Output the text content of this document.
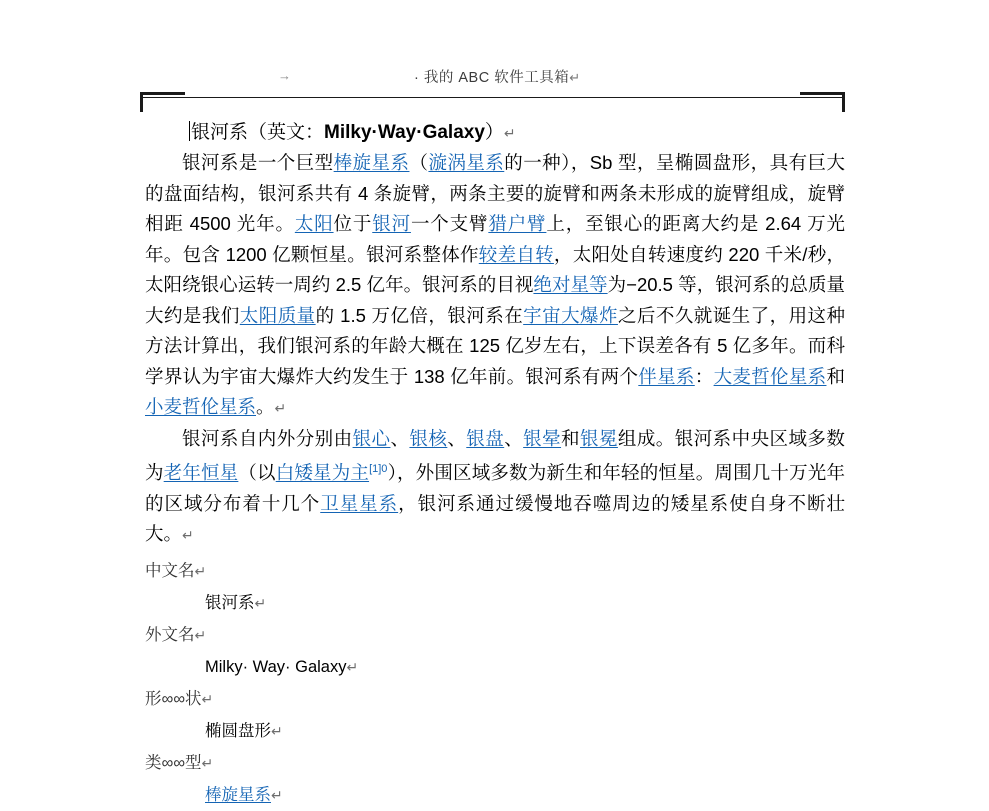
→	· 我的 ABC 软件工具箱↵
银河系（英文：Milky·Way·Galaxy）↵

银河系是一个巨型棒旋星系（漩涡星系的一种），Sb 型，呈椭圆盘形，具有巨大的盘面结构，银河系共有 4 条旋臂，两条主要的旋臂和两条未形成的旋臂组成，旋臂相距 4500 光年。太阳位于银河一个支臂猎户臂上，至银心的距离大约是 2.64 万光年。包含 1200 亿颗恒星。银河系整体作较差自转，太阳处自转速度约 220 千米/秒，太阳绕银心运转一周约 2.5 亿年。银河系的目视绝对星等为−20.5 等，银河系的总质量大约是我们太阳质量的 1.5 万亿倍，银河系在宇宙大爆炸之后不久就诞生了，用这种方法计算出，我们银河系的年龄大概在 125 亿岁左右，上下误差各有 5 亿多年。而科学界认为宇宙大爆炸大约发生于 138 亿年前。银河系有两个伴星系：大麦哲伦星系和小麦哲伦星系。↵

银河系自内外分别由银心、银核、银盘、银晕和银冕组成。银河系中央区域多数为老年恒星（以白矮星为主$^{[1]0}$），外围区域多数为新生和年轻的恒星。周围几十万光年的区域分布着十几个卫星星系，银河系通过缓慢地吞噬周边的矮星系使自身不断壮大。↵

中文名↵

银河系↵

外文名↵

Milky· Way· Galaxy↵

形∞∞状↵

椭圆盘形↵

类∞∞型↵

棒旋星系↵
